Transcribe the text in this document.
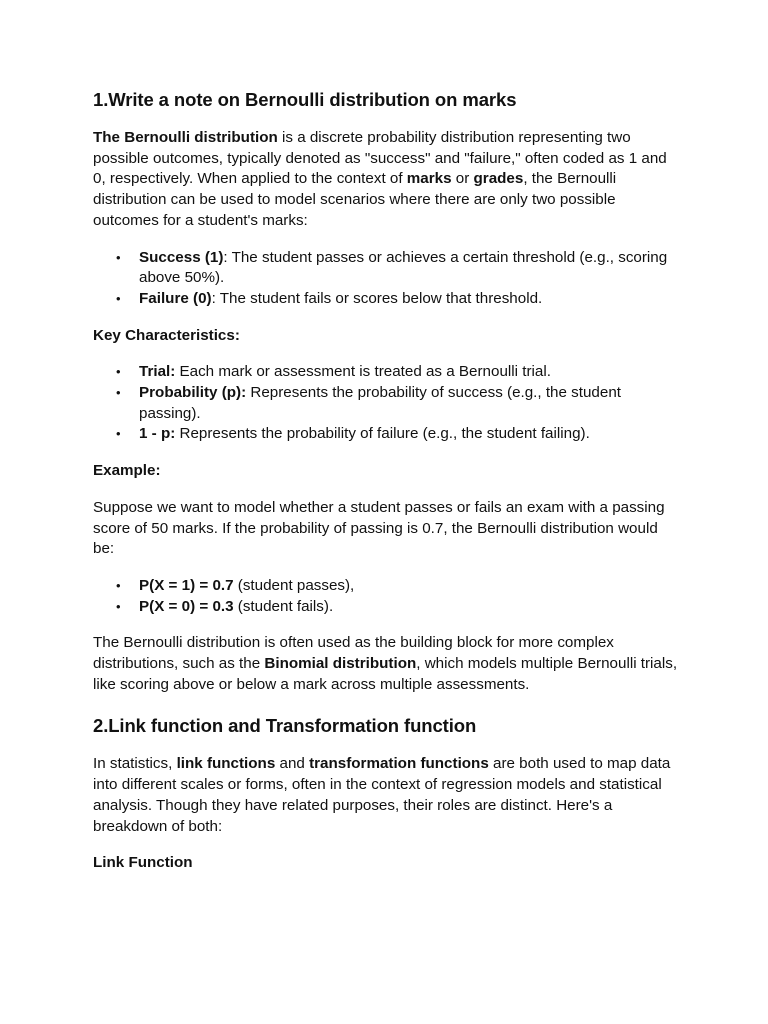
1.Write a note on Bernoulli distribution on marks

The Bernoulli distribution is a discrete probability distribution representing two possible outcomes, typically denoted as "success" and "failure," often coded as 1 and 0, respectively. When applied to the context of marks or grades, the Bernoulli distribution can be used to model scenarios where there are only two possible outcomes for a student's marks:

• Success (1): The student passes or achieves a certain threshold (e.g., scoring above 50%).
• Failure (0): The student fails or scores below that threshold.

Key Characteristics:

• Trial: Each mark or assessment is treated as a Bernoulli trial.
• Probability (p): Represents the probability of success (e.g., the student passing).
• 1 - p: Represents the probability of failure (e.g., the student failing).

Example:

Suppose we want to model whether a student passes or fails an exam with a passing score of 50 marks. If the probability of passing is 0.7, the Bernoulli distribution would be:

• P(X = 1) = 0.7 (student passes),
• P(X = 0) = 0.3 (student fails).

The Bernoulli distribution is often used as the building block for more complex distributions, such as the Binomial distribution, which models multiple Bernoulli trials, like scoring above or below a mark across multiple assessments.

2.Link function and Transformation function

In statistics, link functions and transformation functions are both used to map data into different scales or forms, often in the context of regression models and statistical analysis. Though they have related purposes, their roles are distinct. Here's a breakdown of both:

Link Function
